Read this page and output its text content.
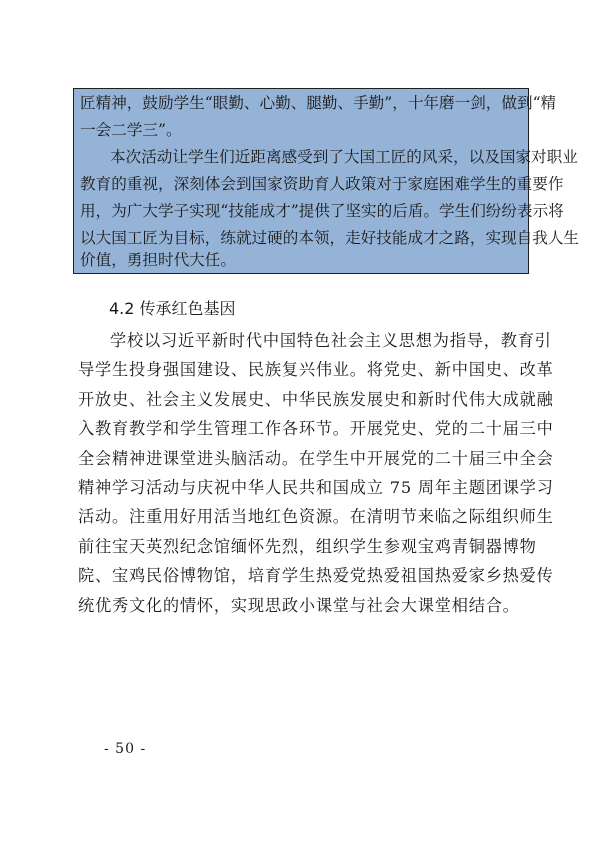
匠精神，鼓励学生“眼勤、心勤、腿勤、手勤”，十年磨一剑，做到“精
一会二学三”。
本次活动让学生们近距离感受到了大国工匠的风采，以及国家对职业
教育的重视，深刻体会到国家资助育人政策对于家庭困难学生的重要作
用，为广大学子实现“技能成才”提供了坚实的后盾。学生们纷纷表示将
以大国工匠为目标，练就过硬的本领，走好技能成才之路，实现自我人生
价值，勇担时代大任。
4.2 传承红色基因
学校以习近平新时代中国特色社会主义思想为指导，教育引
导学生投身强国建设、民族复兴伟业。将党史、新中国史、改革
开放史、社会主义发展史、中华民族发展史和新时代伟大成就融
入教育教学和学生管理工作各环节。开展党史、党的二十届三中
全会精神进课堂进头脑活动。在学生中开展党的二十届三中全会
精神学习活动与庆祝中华人民共和国成立 75 周年主题团课学习
活动。注重用好用活当地红色资源。在清明节来临之际组织师生
前往宝天英烈纪念馆缅怀先烈，组织学生参观宝鸡青铜器博物
院、宝鸡民俗博物馆，培育学生热爱党热爱祖国热爱家乡热爱传
统优秀文化的情怀，实现思政小课堂与社会大课堂相结合。
- 50 -
